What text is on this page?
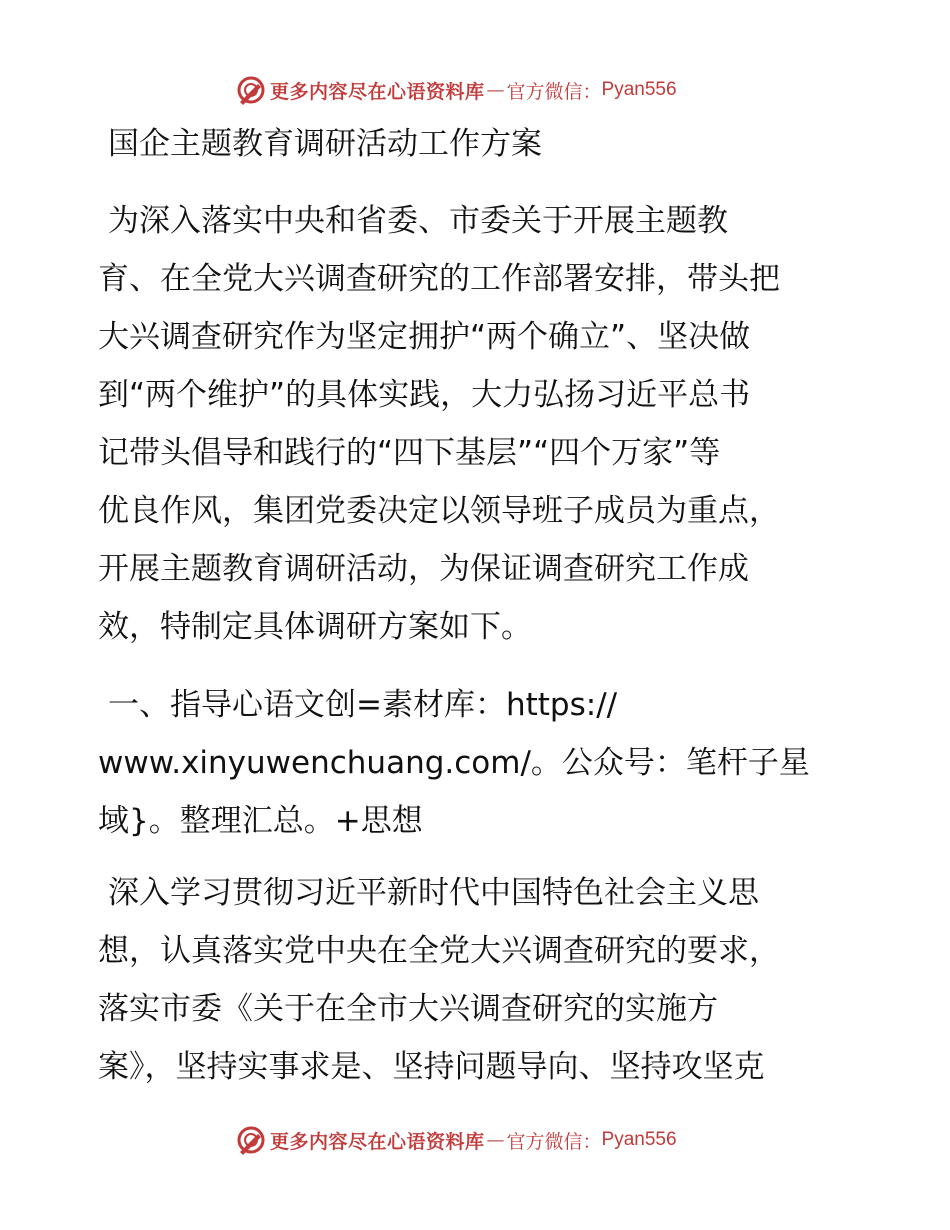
更多内容尽在心语资料库 — 官方微信： Pyan556
国企主题教育调研活动工作方案
为深入落实中央和省委、市委关于开展主题教
育、在全党大兴调查研究的工作部署安排，带头把
大兴调查研究作为坚定拥护“两个确立”、坚决做
到“两个维护”的具体实践，大力弘扬习近平总书
记带头倡导和践行的“四下基层”“四个万家”等
优良作风，集团党委决定以领导班子成员为重点，
开展主题教育调研活动，为保证调查研究工作成
效，特制定具体调研方案如下。
一、指导心语文创=素材库：https://
www.xinyuwenchuang.com/。公众号：笔杆子星
域}。整理汇总。+思想
深入学习贯彻习近平新时代中国特色社会主义思
想，认真落实党中央在全党大兴调查研究的要求，
落实市委《关于在全市大兴调查研究的实施方
案》，坚持实事求是、坚持问题导向、坚持攻坚克
更多内容尽在心语资料库 — 官方微信： Pyan556
